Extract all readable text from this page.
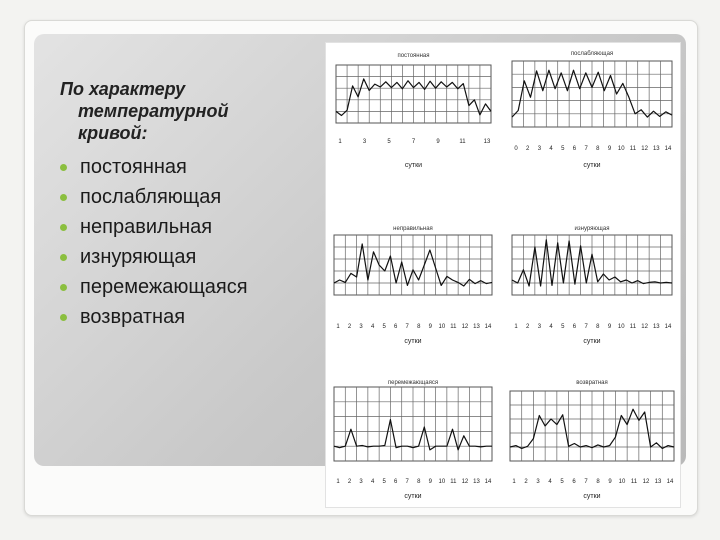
По характеру
температурной
кривой:
постоянная
послабляющая
неправильная
изнуряющая
перемежающаяся
возвратная
постоянная
1	3	5	7	9	11	13
сутки
послабляющая
0 2 3 4 5 6 7 8 9 10 11 12 13 14
сутки
неправильная
1 2 3 4 5 6 7 8 9 10 11 12 13 14
сутки
изнуряющая
1 2 3 4 5 6 7 8 9 10 11 12 13 14
сутки
перемежающаяся
1 2 3 4 5 6 7 8 9 10 11 12 13 14
сутки
возвратная
1 2 3 4 5 6 7 8 9 10 11 12 13 14
сутки
